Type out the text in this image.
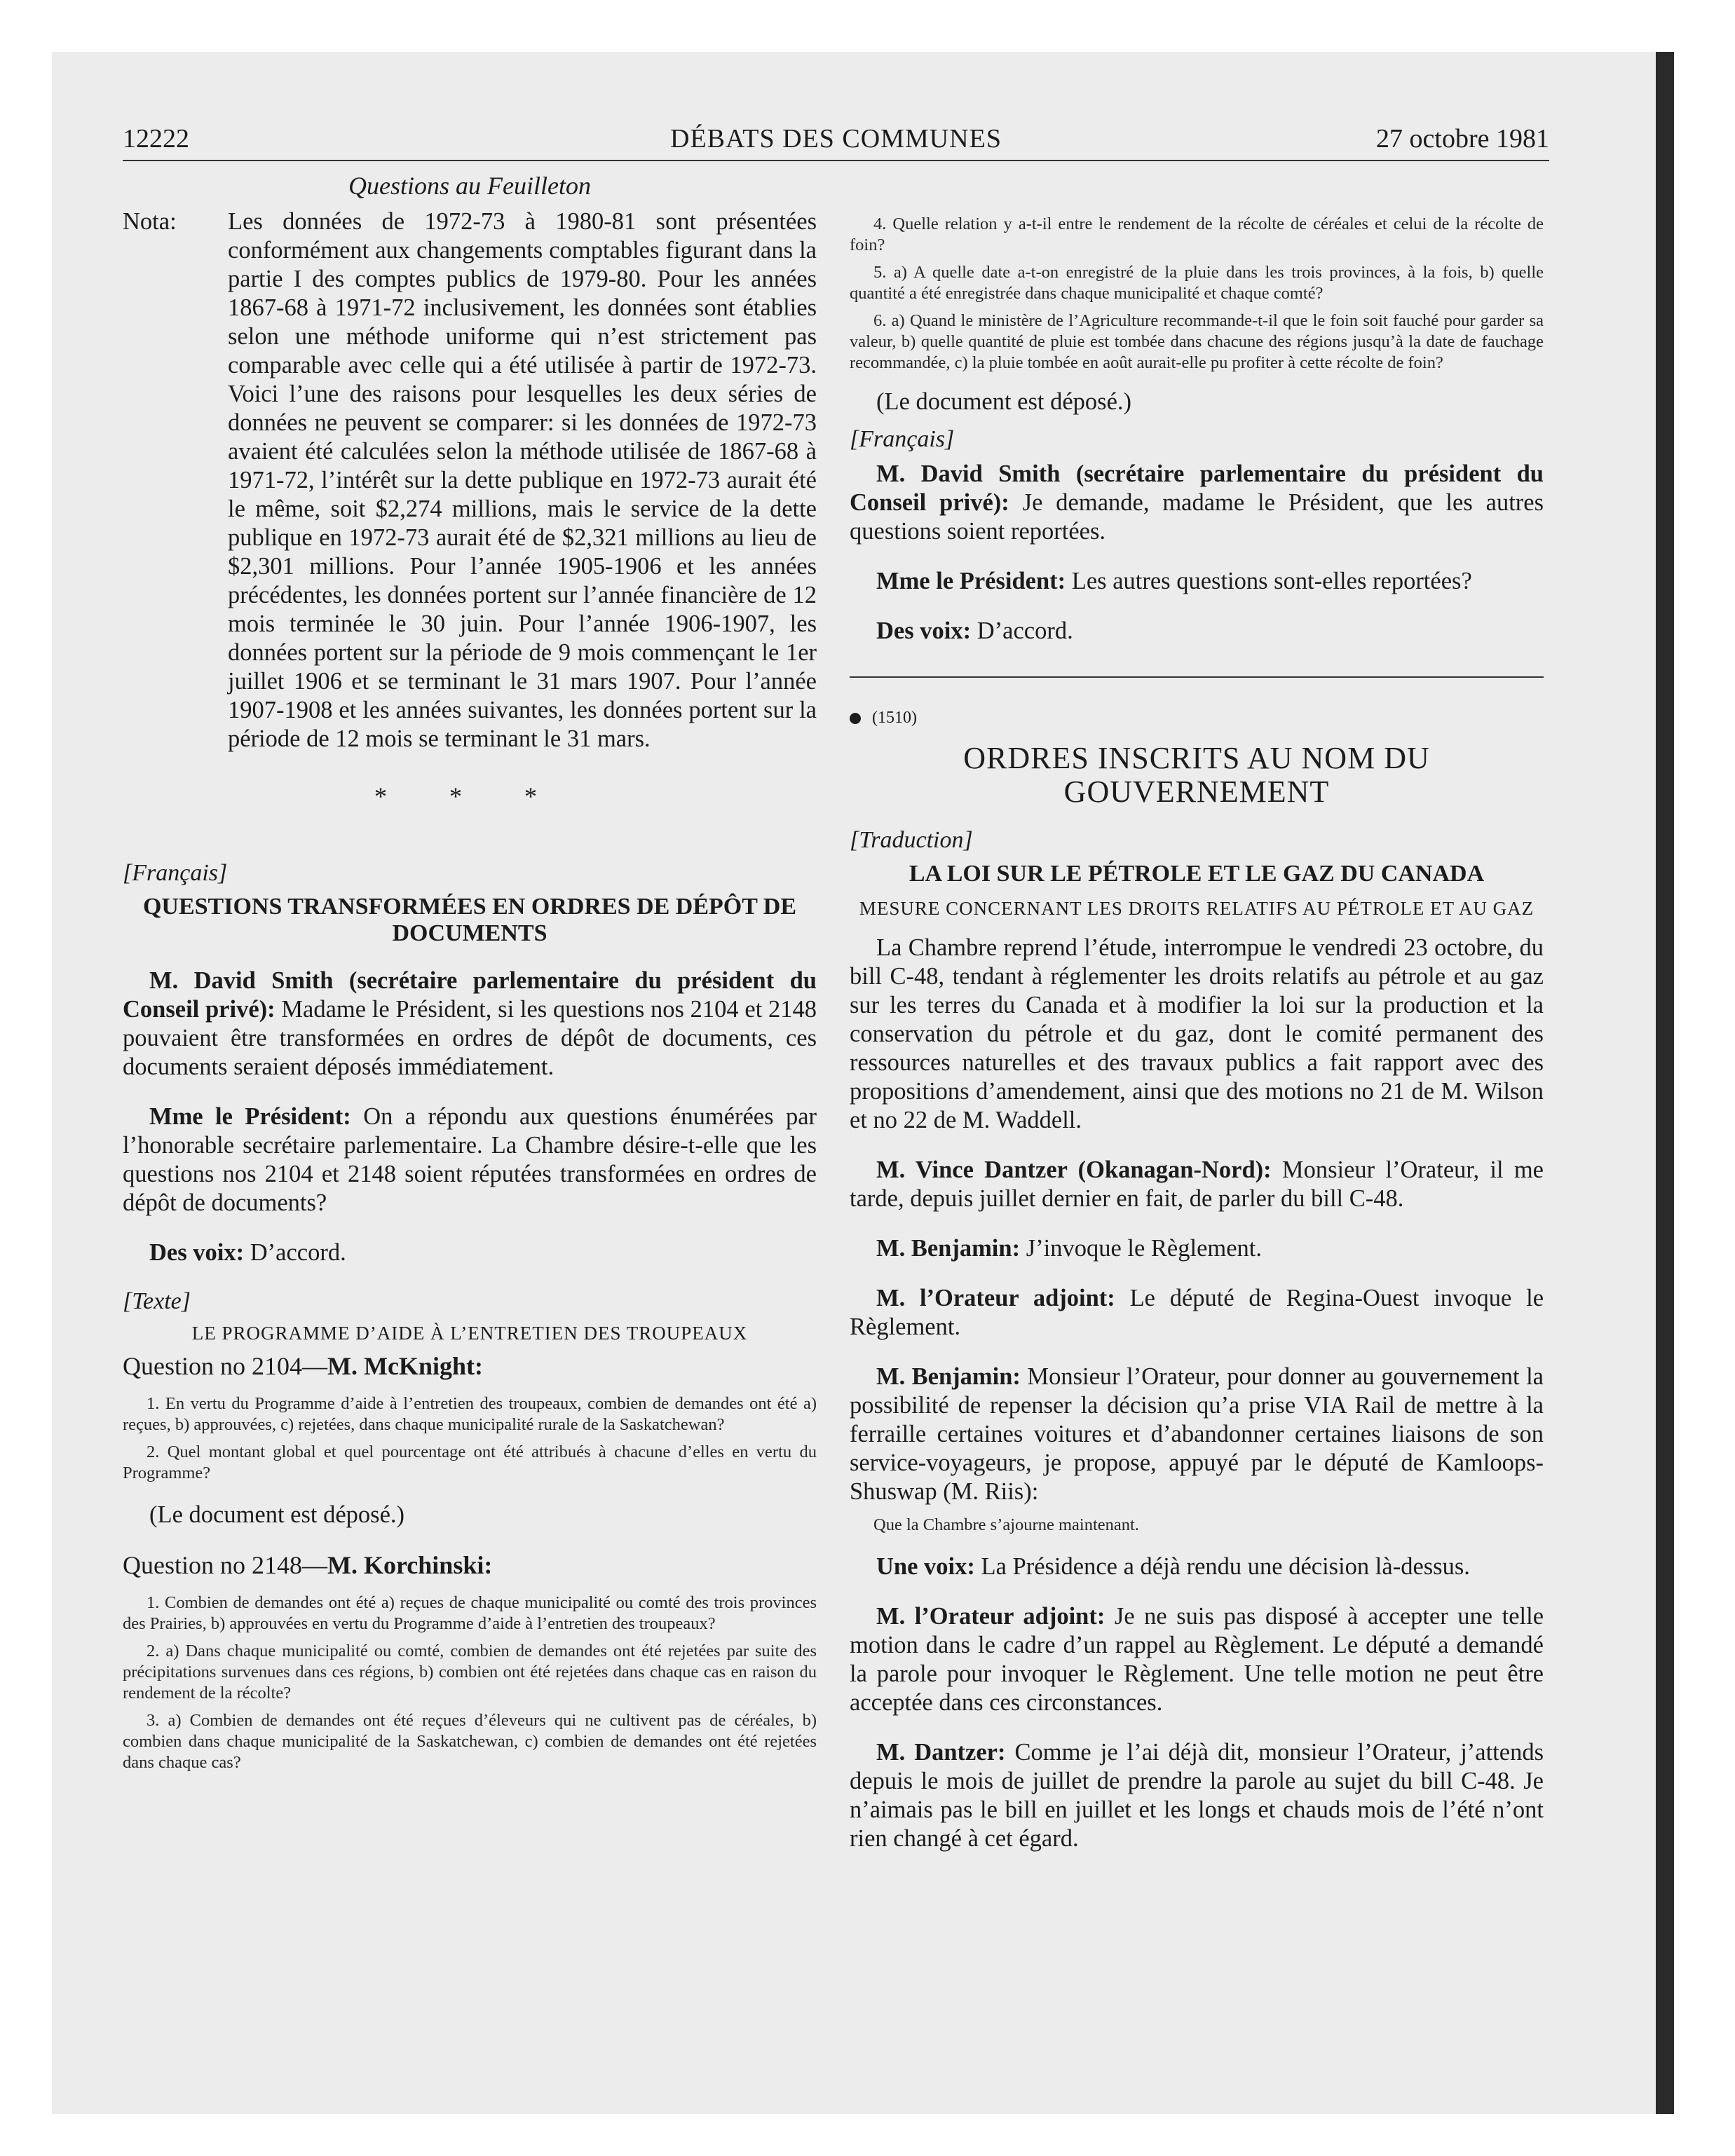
12222	DÉBATS DES COMMUNES	27 octobre 1981
Questions au Feuilleton
Nota:	Les données de 1972-73 à 1980-81 sont présentées conformément aux changements comptables figurant dans la partie I des comptes publics de 1979-80. Pour les années 1867-68 à 1971-72 inclusivement, les données sont établies selon une méthode uniforme qui n’est strictement pas comparable avec celle qui a été utilisée à partir de 1972-73. Voici l’une des raisons pour lesquelles les deux séries de données ne peuvent se comparer: si les données de 1972-73 avaient été calculées selon la méthode utilisée de 1867-68 à 1971-72, l’intérêt sur la dette publique en 1972-73 aurait été le même, soit $2,274 millions, mais le service de la dette publique en 1972-73 aurait été de $2,321 millions au lieu de $2,301 millions. Pour l’année 1905-1906 et les années précédentes, les données portent sur l’année financière de 12 mois terminée le 30 juin. Pour l’année 1906-1907, les données portent sur la période de 9 mois commençant le 1er juillet 1906 et se terminant le 31 mars 1907. Pour l’année 1907-1908 et les années suivantes, les données portent sur la période de 12 mois se terminant le 31 mars.
* * *
[Français]
QUESTIONS TRANSFORMÉES EN ORDRES DE DÉPÔT DE DOCUMENTS

M. David Smith (secrétaire parlementaire du président du Conseil privé): Madame le Président, si les questions nos 2104 et 2148 pouvaient être transformées en ordres de dépôt de documents, ces documents seraient déposés immédiatement.

Mme le Président: On a répondu aux questions énumérées par l’honorable secrétaire parlementaire. La Chambre désire-t-elle que les questions nos 2104 et 2148 soient réputées transformées en ordres de dépôt de documents?

Des voix: D’accord.

[Texte]
LE PROGRAMME D’AIDE À L’ENTRETIEN DES TROUPEAUX
Question no 2104—M. McKnight:

1. En vertu du Programme d’aide à l’entretien des troupeaux, combien de demandes ont été a) reçues, b) approuvées, c) rejetées, dans chaque municipalité rurale de la Saskatchewan?

2. Quel montant global et quel pourcentage ont été attribués à chacune d’elles en vertu du Programme?

(Le document est déposé.)

Question no 2148—M. Korchinski:

1. Combien de demandes ont été a) reçues de chaque municipalité ou comté des trois provinces des Prairies, b) approuvées en vertu du Programme d’aide à l’entretien des troupeaux?

2. a) Dans chaque municipalité ou comté, combien de demandes ont été rejetées par suite des précipitations survenues dans ces régions, b) combien ont été rejetées dans chaque cas en raison du rendement de la récolte?

3. a) Combien de demandes ont été reçues d’éleveurs qui ne cultivent pas de céréales, b) combien dans chaque municipalité de la Saskatchewan, c) combien de demandes ont été rejetées dans chaque cas?

4. Quelle relation y a-t-il entre le rendement de la récolte de céréales et celui de la récolte de foin?

5. a) A quelle date a-t-on enregistré de la pluie dans les trois provinces, à la fois, b) quelle quantité a été enregistrée dans chaque municipalité et chaque comté?

6. a) Quand le ministère de l’Agriculture recommande-t-il que le foin soit fauché pour garder sa valeur, b) quelle quantité de pluie est tombée dans chacune des régions jusqu’à la date de fauchage recommandée, c) la pluie tombée en août aurait-elle pu profiter à cette récolte de foin?

(Le document est déposé.)

[Français]

M. David Smith (secrétaire parlementaire du président du Conseil privé): Je demande, madame le Président, que les autres questions soient reportées.

Mme le Président: Les autres questions sont-elles reportées?

Des voix: D’accord.

(1510)
ORDRES INSCRITS AU NOM DU GOUVERNEMENT
[Traduction]
LA LOI SUR LE PÉTROLE ET LE GAZ DU CANADA
MESURE CONCERNANT LES DROITS RELATIFS AU PÉTROLE ET AU GAZ

La Chambre reprend l’étude, interrompue le vendredi 23 octobre, du bill C-48, tendant à réglementer les droits relatifs au pétrole et au gaz sur les terres du Canada et à modifier la loi sur la production et la conservation du pétrole et du gaz, dont le comité permanent des ressources naturelles et des travaux publics a fait rapport avec des propositions d’amendement, ainsi que des motions no 21 de M. Wilson et no 22 de M. Waddell.

M. Vince Dantzer (Okanagan-Nord): Monsieur l’Orateur, il me tarde, depuis juillet dernier en fait, de parler du bill C-48.

M. Benjamin: J’invoque le Règlement.

M. l’Orateur adjoint: Le député de Regina-Ouest invoque le Règlement.

M. Benjamin: Monsieur l’Orateur, pour donner au gouvernement la possibilité de repenser la décision qu’a prise VIA Rail de mettre à la ferraille certaines voitures et d’abandonner certaines liaisons de son service-voyageurs, je propose, appuyé par le député de Kamloops-Shuswap (M. Riis):

Que la Chambre s’ajourne maintenant.

Une voix: La Présidence a déjà rendu une décision là-dessus.

M. l’Orateur adjoint: Je ne suis pas disposé à accepter une telle motion dans le cadre d’un rappel au Règlement. Le député a demandé la parole pour invoquer le Règlement. Une telle motion ne peut être acceptée dans ces circonstances.

M. Dantzer: Comme je l’ai déjà dit, monsieur l’Orateur, j’attends depuis le mois de juillet de prendre la parole au sujet du bill C-48. Je n’aimais pas le bill en juillet et les longs et chauds mois de l’été n’ont rien changé à cet égard.
